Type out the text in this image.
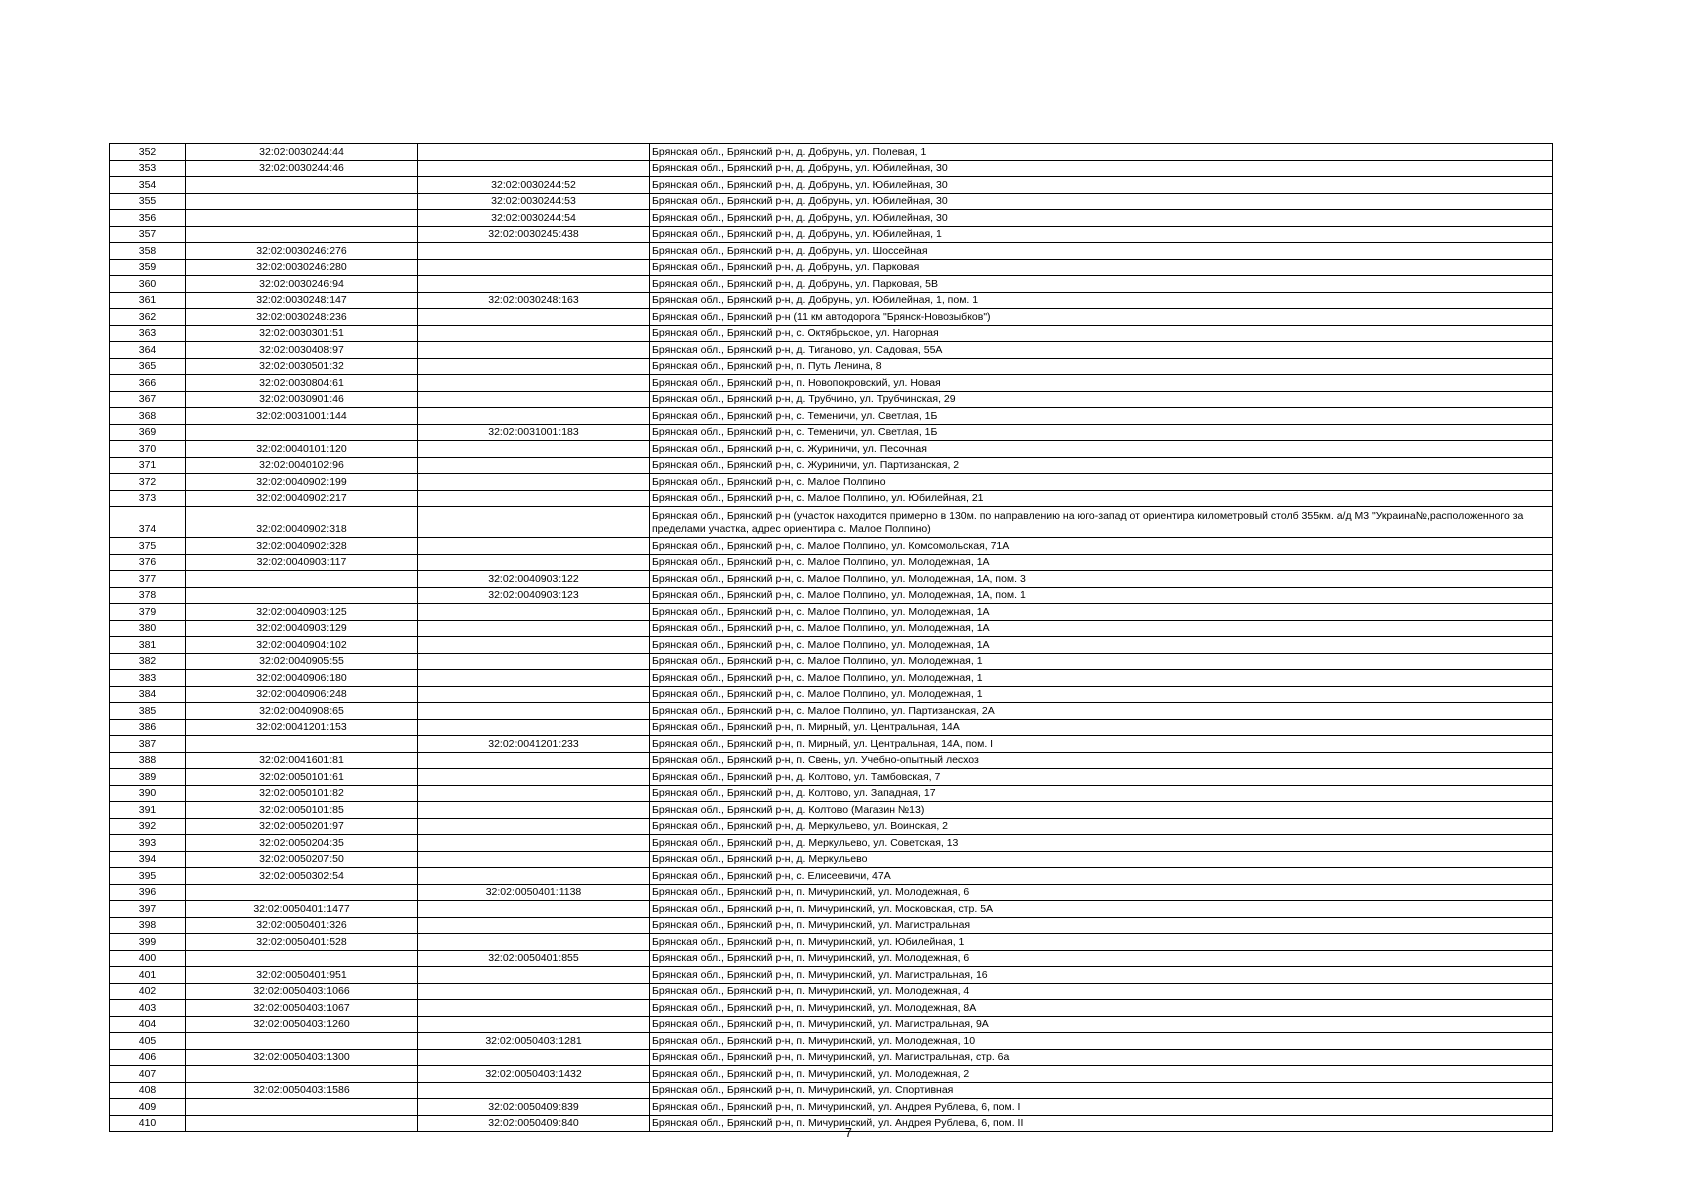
352	32:02:0030244:44		Брянская обл., Брянский р-н, д. Добрунь, ул. Полевая, 1
353	32:02:0030244:46		Брянская обл., Брянский р-н, д. Добрунь, ул. Юбилейная, 30
354		32:02:0030244:52	Брянская обл., Брянский р-н, д. Добрунь, ул. Юбилейная, 30
355		32:02:0030244:53	Брянская обл., Брянский р-н, д. Добрунь, ул. Юбилейная, 30
356		32:02:0030244:54	Брянская обл., Брянский р-н, д. Добрунь, ул. Юбилейная, 30
357		32:02:0030245:438	Брянская обл., Брянский р-н, д. Добрунь, ул. Юбилейная, 1
358	32:02:0030246:276		Брянская обл., Брянский р-н, д. Добрунь, ул. Шоссейная
359	32:02:0030246:280		Брянская обл., Брянский р-н, д. Добрунь, ул. Парковая
360	32:02:0030246:94		Брянская обл., Брянский р-н, д. Добрунь, ул. Парковая, 5В
361	32:02:0030248:147	32:02:0030248:163	Брянская обл., Брянский р-н, д. Добрунь, ул. Юбилейная, 1, пом. 1
362	32:02:0030248:236		Брянская обл., Брянский р-н (11 км автодорога "Брянск-Новозыбков")
363	32:02:0030301:51		Брянская обл., Брянский р-н, с. Октябрьское, ул. Нагорная
364	32:02:0030408:97		Брянская обл., Брянский р-н, д. Тиганово, ул. Садовая, 55А
365	32:02:0030501:32		Брянская обл., Брянский р-н, п. Путь Ленина, 8
366	32:02:0030804:61		Брянская обл., Брянский р-н, п. Новопокровский, ул. Новая
367	32:02:0030901:46		Брянская обл., Брянский р-н, д. Трубчино, ул. Трубчинская, 29
368	32:02:0031001:144		Брянская обл., Брянский р-н, с. Теменичи, ул. Светлая, 1Б
369		32:02:0031001:183	Брянская обл., Брянский р-н, с. Теменичи, ул. Светлая, 1Б
370	32:02:0040101:120		Брянская обл., Брянский р-н, с. Журиничи, ул. Песочная
371	32:02:0040102:96		Брянская обл., Брянский р-н, с. Журиничи, ул. Партизанская, 2
372	32:02:0040902:199		Брянская обл., Брянский р-н, с. Малое Полпино
373	32:02:0040902:217		Брянская обл., Брянский р-н, с. Малое Полпино, ул. Юбилейная, 21
374	32:02:0040902:318		Брянская обл., Брянский р-н (участок находится примерно в 130м. по направлению на юго-запад от ориентира километровый столб 355км. а/д М3 "Украина№,расположенного за пределами участка, адрес ориентира с. Малое Полпино)
375	32:02:0040902:328		Брянская обл., Брянский р-н, с. Малое Полпино, ул. Комсомольская, 71А
376	32:02:0040903:117		Брянская обл., Брянский р-н, с. Малое Полпино, ул. Молодежная, 1А
377		32:02:0040903:122	Брянская обл., Брянский р-н, с. Малое Полпино, ул. Молодежная, 1А, пом. 3
378		32:02:0040903:123	Брянская обл., Брянский р-н, с. Малое Полпино, ул. Молодежная, 1А, пом. 1
379	32:02:0040903:125		Брянская обл., Брянский р-н, с. Малое Полпино, ул. Молодежная, 1А
380	32:02:0040903:129		Брянская обл., Брянский р-н, с. Малое Полпино, ул. Молодежная, 1А
381	32:02:0040904:102		Брянская обл., Брянский р-н, с. Малое Полпино, ул. Молодежная, 1А
382	32:02:0040905:55		Брянская обл., Брянский р-н, с. Малое Полпино, ул. Молодежная, 1
383	32:02:0040906:180		Брянская обл., Брянский р-н, с. Малое Полпино, ул. Молодежная, 1
384	32:02:0040906:248		Брянская обл., Брянский р-н, с. Малое Полпино, ул. Молодежная, 1
385	32:02:0040908:65		Брянская обл., Брянский р-н, с. Малое Полпино, ул. Партизанская, 2А
386	32:02:0041201:153		Брянская обл., Брянский р-н, п. Мирный, ул. Центральная, 14А
387		32:02:0041201:233	Брянская обл., Брянский р-н, п. Мирный, ул. Центральная, 14А, пом. I
388	32:02:0041601:81		Брянская обл., Брянский р-н, п. Свень, ул. Учебно-опытный лесхоз
389	32:02:0050101:61		Брянская обл., Брянский р-н, д. Колтово, ул. Тамбовская, 7
390	32:02:0050101:82		Брянская обл., Брянский р-н, д. Колтово, ул. Западная, 17
391	32:02:0050101:85		Брянская обл., Брянский р-н, д. Колтово (Магазин №13)
392	32:02:0050201:97		Брянская обл., Брянский р-н, д. Меркульево, ул. Воинская, 2
393	32:02:0050204:35		Брянская обл., Брянский р-н, д. Меркульево, ул. Советская, 13
394	32:02:0050207:50		Брянская обл., Брянский р-н, д. Меркульево
395	32:02:0050302:54		Брянская обл., Брянский р-н, с. Елисеевичи, 47А
396		32:02:0050401:1138	Брянская обл., Брянский р-н, п. Мичуринский, ул. Молодежная, 6
397	32:02:0050401:1477		Брянская обл., Брянский р-н, п. Мичуринский, ул. Московская, стр. 5А
398	32:02:0050401:326		Брянская обл., Брянский р-н, п. Мичуринский, ул. Магистральная
399	32:02:0050401:528		Брянская обл., Брянский р-н, п. Мичуринский, ул. Юбилейная, 1
400		32:02:0050401:855	Брянская обл., Брянский р-н, п. Мичуринский, ул. Молодежная, 6
401	32:02:0050401:951		Брянская обл., Брянский р-н, п. Мичуринский, ул. Магистральная, 16
402	32:02:0050403:1066		Брянская обл., Брянский р-н, п. Мичуринский, ул. Молодежная, 4
403	32:02:0050403:1067		Брянская обл., Брянский р-н, п. Мичуринский, ул. Молодежная, 8А
404	32:02:0050403:1260		Брянская обл., Брянский р-н, п. Мичуринский, ул. Магистральная, 9А
405		32:02:0050403:1281	Брянская обл., Брянский р-н, п. Мичуринский, ул. Молодежная, 10
406	32:02:0050403:1300		Брянская обл., Брянский р-н, п. Мичуринский, ул. Магистральная, стр. 6а
407		32:02:0050403:1432	Брянская обл., Брянский р-н, п. Мичуринский, ул. Молодежная, 2
408	32:02:0050403:1586		Брянская обл., Брянский р-н, п. Мичуринский, ул. Спортивная
409		32:02:0050409:839	Брянская обл., Брянский р-н, п. Мичуринский, ул. Андрея Рублева, 6, пом. I
410		32:02:0050409:840	Брянская обл., Брянский р-н, п. Мичуринский, ул. Андрея Рублева, 6, пом. II
7
